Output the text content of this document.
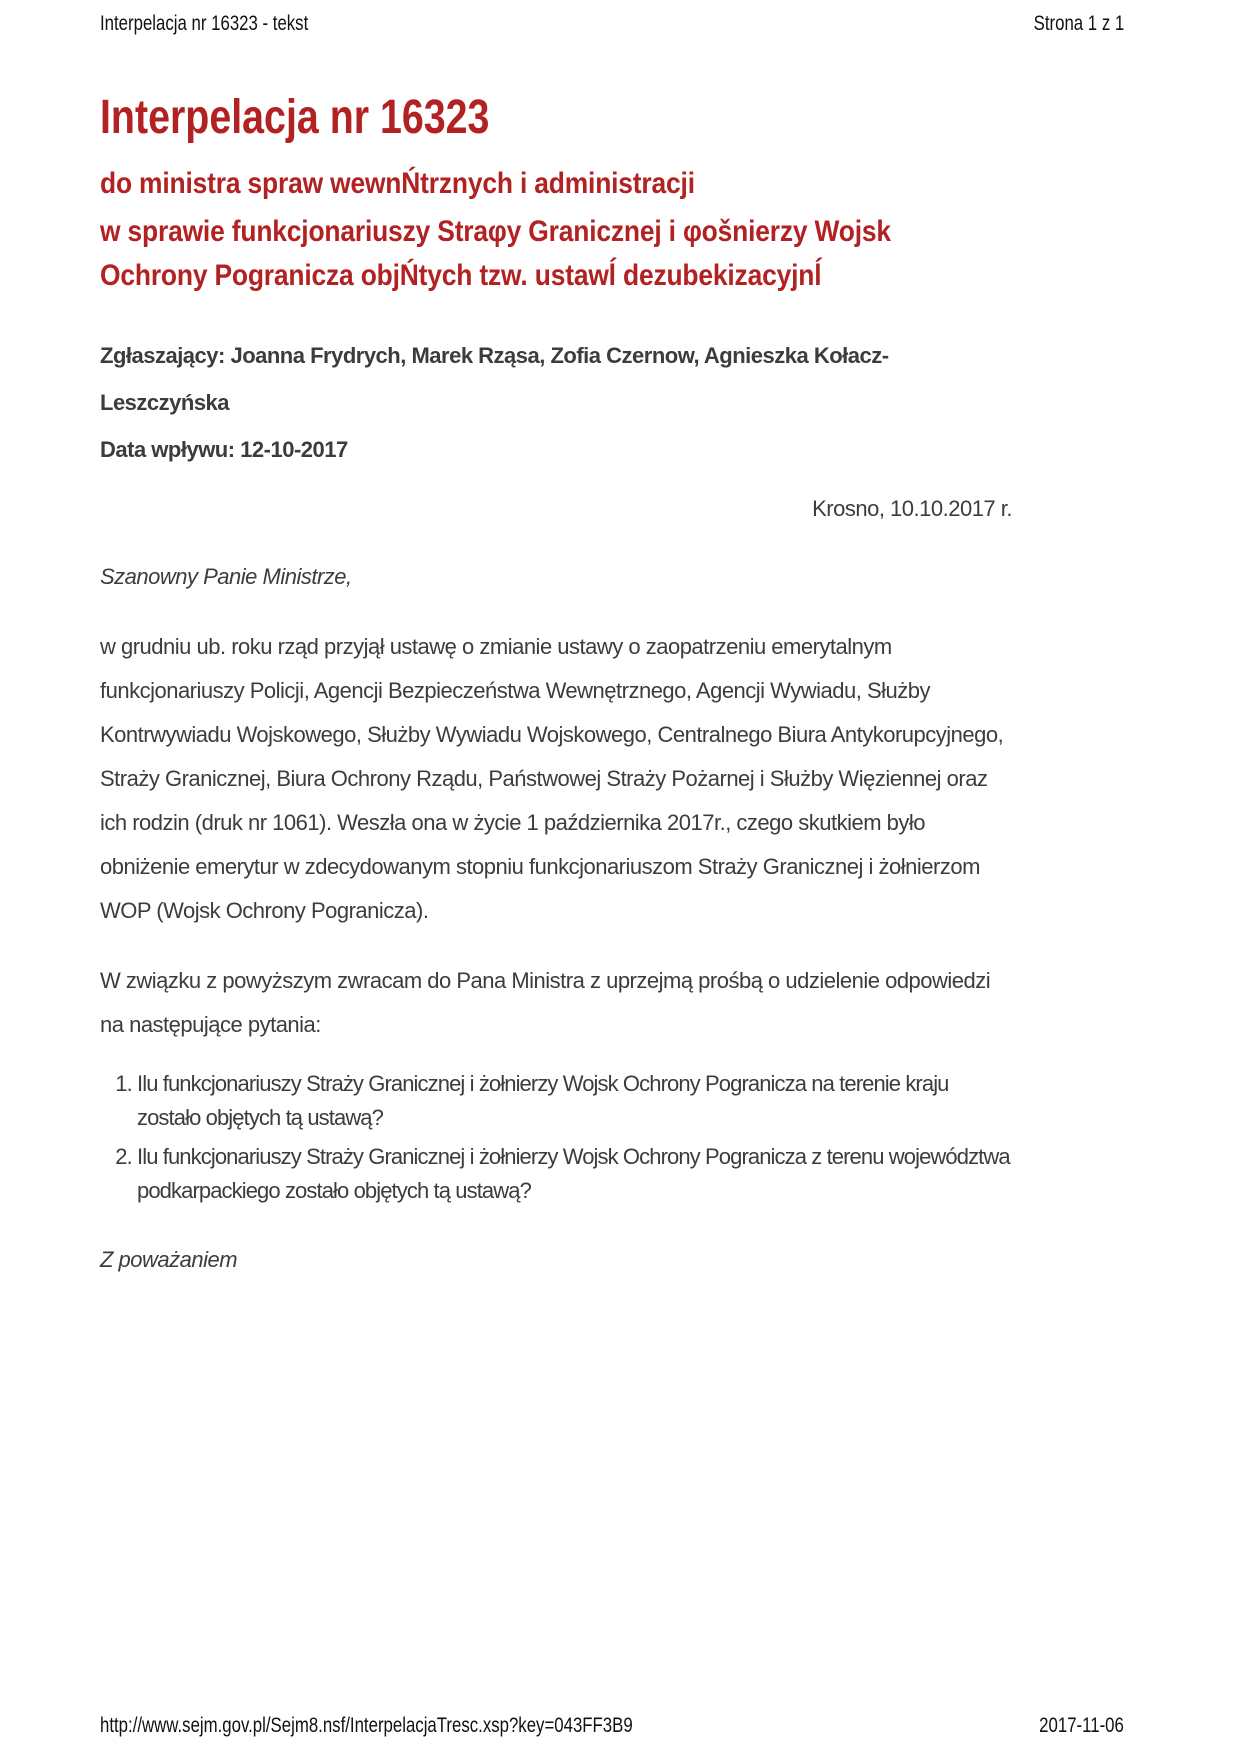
Interpelacja nr 16323 - tekst	Strona 1 z 1
Interpelacja nr 16323
do ministra spraw wewnŃtrznych i administracji
w sprawie funkcjonariuszy Straφy Granicznej i φošnierzy Wojsk Ochrony Pogranicza objŃtych tzw. ustawĺ dezubekizacyjnĺ

Zgłaszający: Joanna Frydrych, Marek Rząsa, Zofia Czernow, Agnieszka Kołacz-Leszczyńska

Data wpływu: 12-10-2017

Krosno, 10.10.2017 r.

Szanowny Panie Ministrze,

w grudniu ub. roku rząd przyjął ustawę o zmianie ustawy o zaopatrzeniu emerytalnym funkcjonariuszy Policji, Agencji Bezpieczeństwa Wewnętrznego, Agencji Wywiadu, Służby Kontrwywiadu Wojskowego, Służby Wywiadu Wojskowego, Centralnego Biura Antykorupcyjnego, Straży Granicznej, Biura Ochrony Rządu, Państwowej Straży Pożarnej i Służby Więziennej oraz ich rodzin (druk nr 1061). Weszła ona w życie 1 października 2017r., czego skutkiem było obniżenie emerytur w zdecydowanym stopniu funkcjonariuszom Straży Granicznej i żołnierzom WOP (Wojsk Ochrony Pogranicza).

W związku z powyższym zwracam do Pana Ministra z uprzejmą prośbą o udzielenie odpowiedzi na następujące pytania:

1. Ilu funkcjonariuszy Straży Granicznej i żołnierzy Wojsk Ochrony Pogranicza na terenie kraju zostało objętych tą ustawą?
2. Ilu funkcjonariuszy Straży Granicznej i żołnierzy Wojsk Ochrony Pogranicza z terenu województwa podkarpackiego zostało objętych tą ustawą?

Z poważaniem

http://www.sejm.gov.pl/Sejm8.nsf/InterpelacjaTresc.xsp?key=043FF3B9	2017-11-06
